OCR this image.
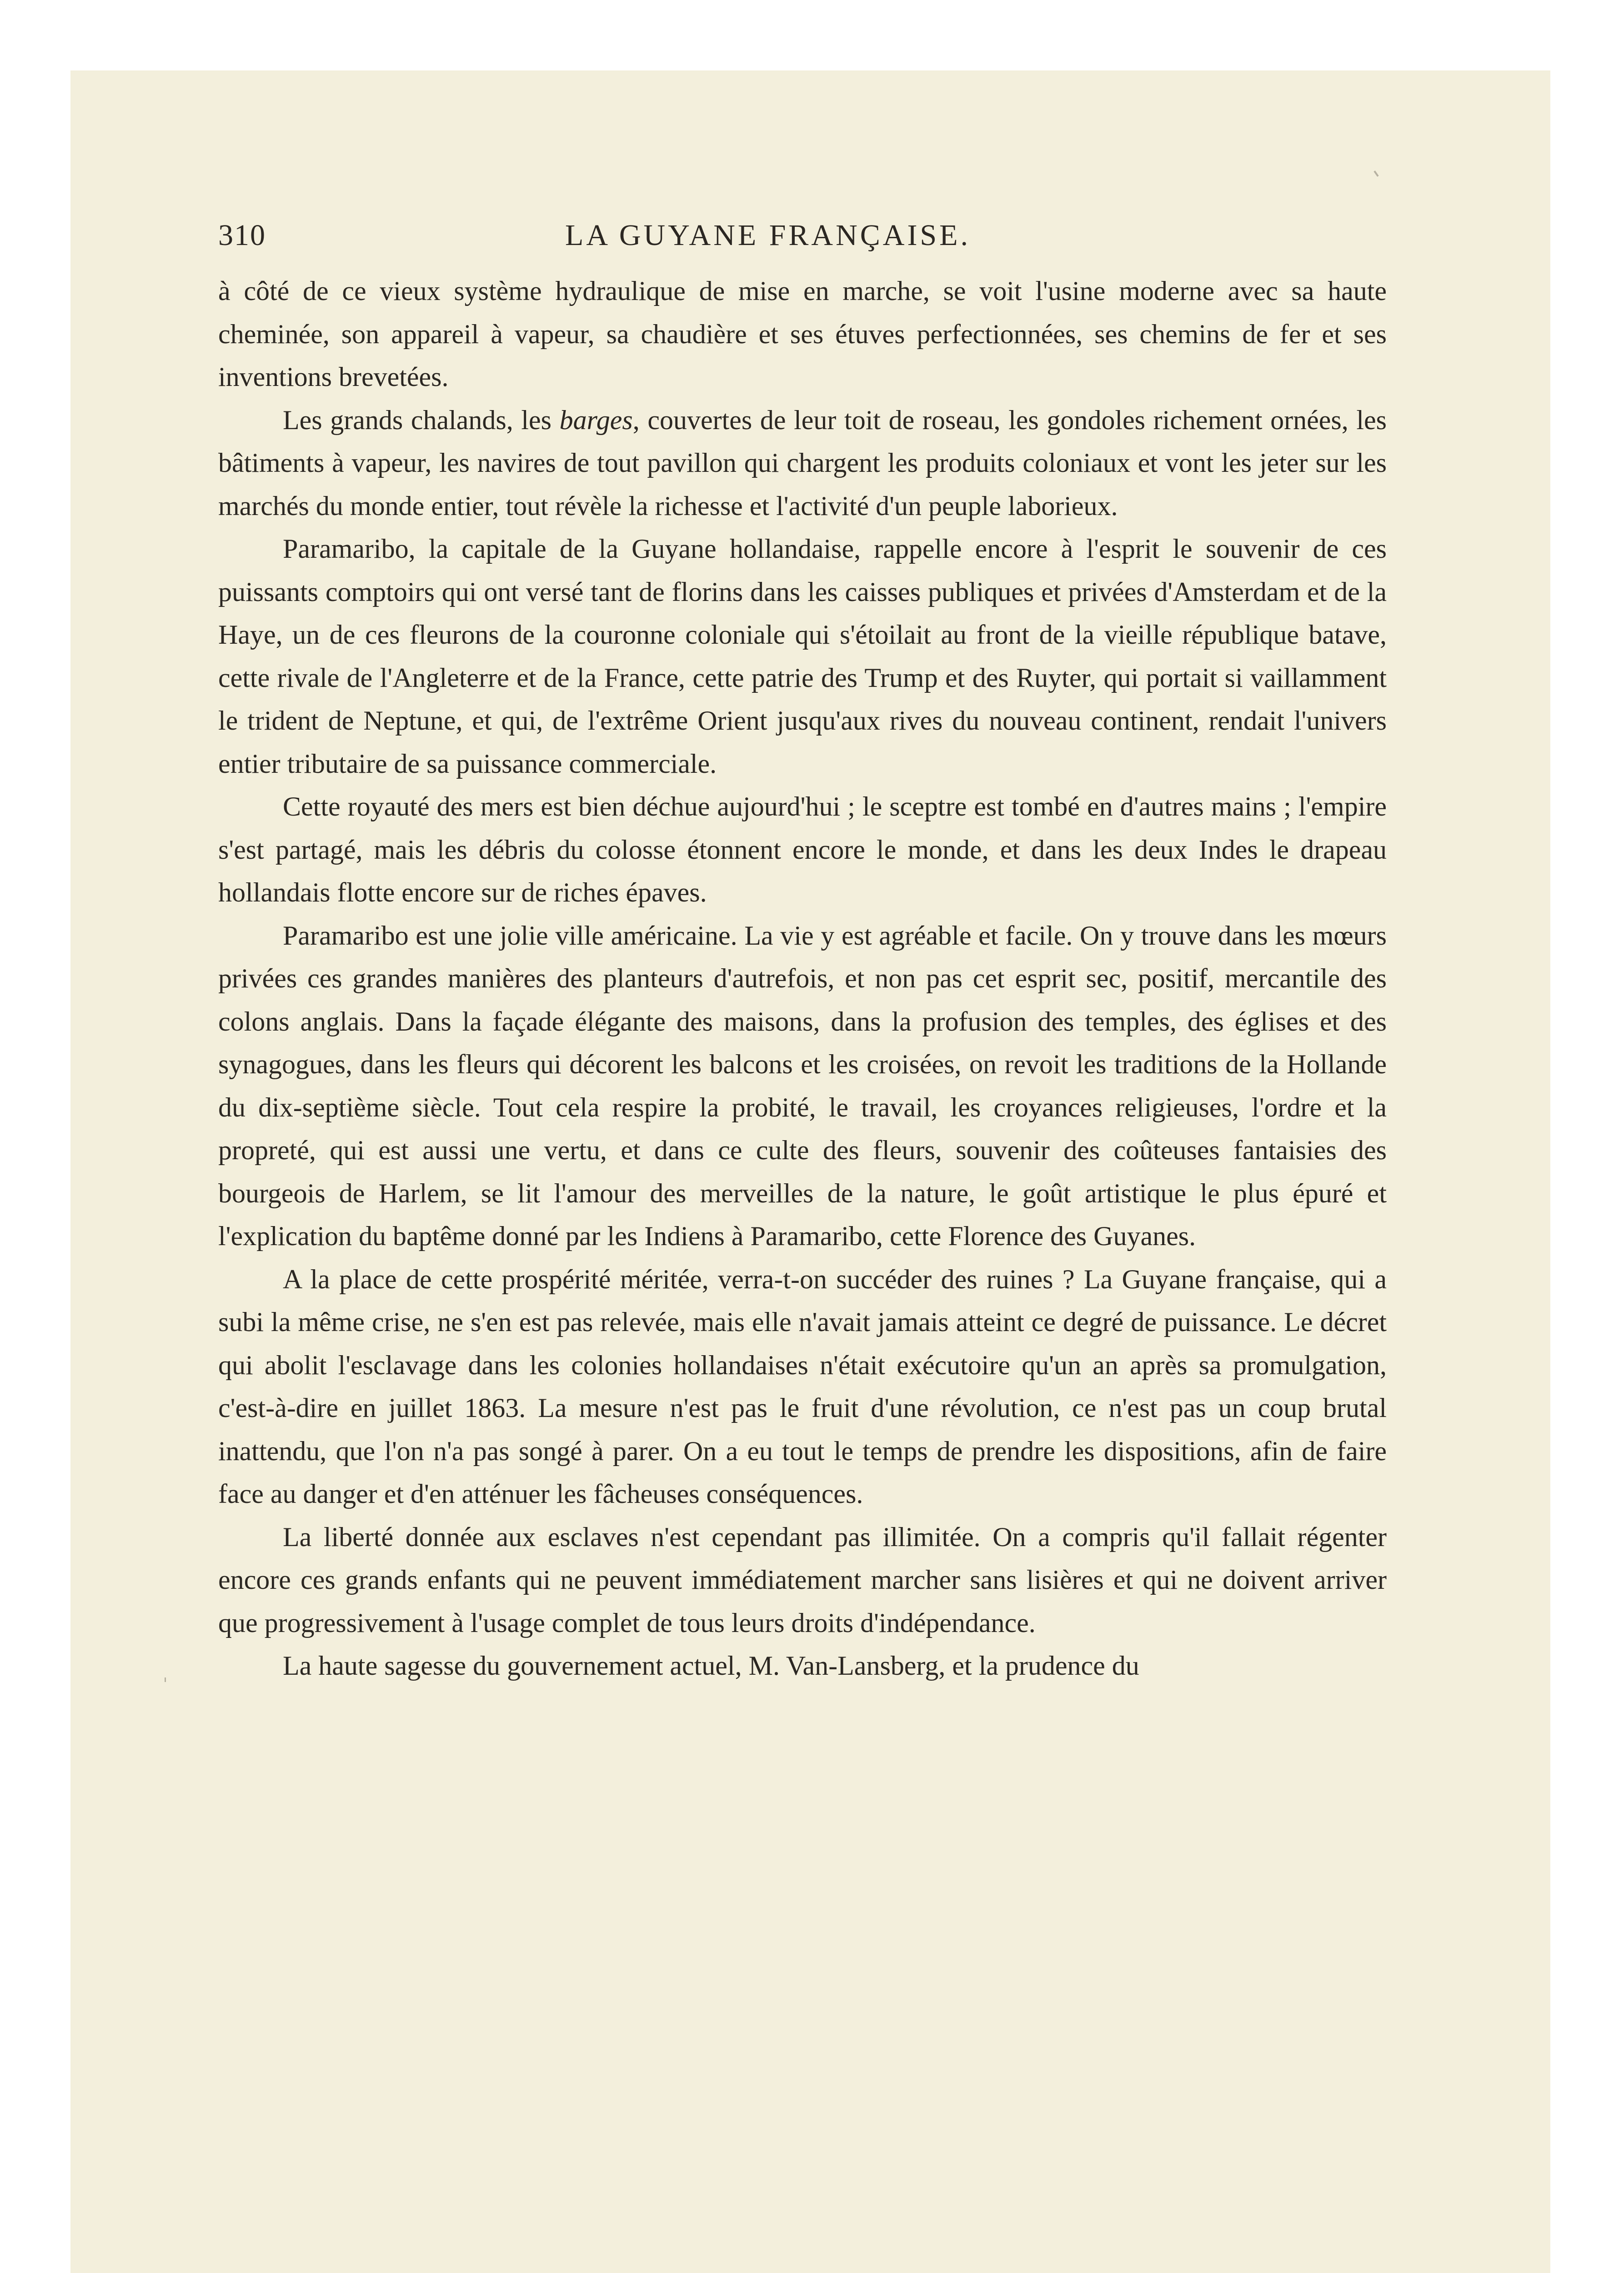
LA GUYANE FRANÇAISE.
310

à côté de ce vieux système hydraulique de mise en marche, se voit l'usine moderne avec sa haute cheminée, son appareil à vapeur, sa chaudière et ses étuves perfectionnées, ses chemins de fer et ses inventions brevetées.

Les grands chalands, les barges, couvertes de leur toit de roseau, les gondoles richement ornées, les bâtiments à vapeur, les navires de tout pavillon qui chargent les produits coloniaux et vont les jeter sur les marchés du monde entier, tout révèle la richesse et l'activité d'un peuple laborieux.

Paramaribo, la capitale de la Guyane hollandaise, rappelle encore à l'esprit le souvenir de ces puissants comptoirs qui ont versé tant de florins dans les caisses publiques et privées d'Amsterdam et de la Haye, un de ces fleurons de la couronne coloniale qui s'étoilait au front de la vieille république batave, cette rivale de l'Angleterre et de la France, cette patrie des Trump et des Ruyter, qui portait si vaillamment le trident de Neptune, et qui, de l'extrême Orient jusqu'aux rives du nouveau continent, rendait l'univers entier tributaire de sa puissance commerciale.

Cette royauté des mers est bien déchue aujourd'hui ; le sceptre est tombé en d'autres mains ; l'empire s'est partagé, mais les débris du colosse étonnent encore le monde, et dans les deux Indes le drapeau hollandais flotte encore sur de riches épaves.

Paramaribo est une jolie ville américaine. La vie y est agréable et facile. On y trouve dans les mœurs privées ces grandes manières des planteurs d'autrefois, et non pas cet esprit sec, positif, mercantile des colons anglais. Dans la façade élégante des maisons, dans la profusion des temples, des églises et des synagogues, dans les fleurs qui décorent les balcons et les croisées, on revoit les traditions de la Hollande du dix-septième siècle. Tout cela respire la probité, le travail, les croyances religieuses, l'ordre et la propreté, qui est aussi une vertu, et dans ce culte des fleurs, souvenir des coûteuses fantaisies des bourgeois de Harlem, se lit l'amour des merveilles de la nature, le goût artistique le plus épuré et l'explication du baptême donné par les Indiens à Paramaribo, cette Florence des Guyanes.

A la place de cette prospérité méritée, verra-t-on succéder des ruines ? La Guyane française, qui a subi la même crise, ne s'en est pas relevée, mais elle n'avait jamais atteint ce degré de puissance. Le décret qui abolit l'esclavage dans les colonies hollandaises n'était exécutoire qu'un an après sa promulgation, c'est-à-dire en juillet 1863. La mesure n'est pas le fruit d'une révolution, ce n'est pas un coup brutal inattendu, que l'on n'a pas songé à parer. On a eu tout le temps de prendre les dispositions, afin de faire face au danger et d'en atténuer les fâcheuses conséquences.

La liberté donnée aux esclaves n'est cependant pas illimitée. On a compris qu'il fallait régenter encore ces grands enfants qui ne peuvent immédiatement marcher sans lisières et qui ne doivent arriver que progressivement à l'usage complet de tous leurs droits d'indépendance.

La haute sagesse du gouvernement actuel, M. Van-Lansberg, et la prudence du
